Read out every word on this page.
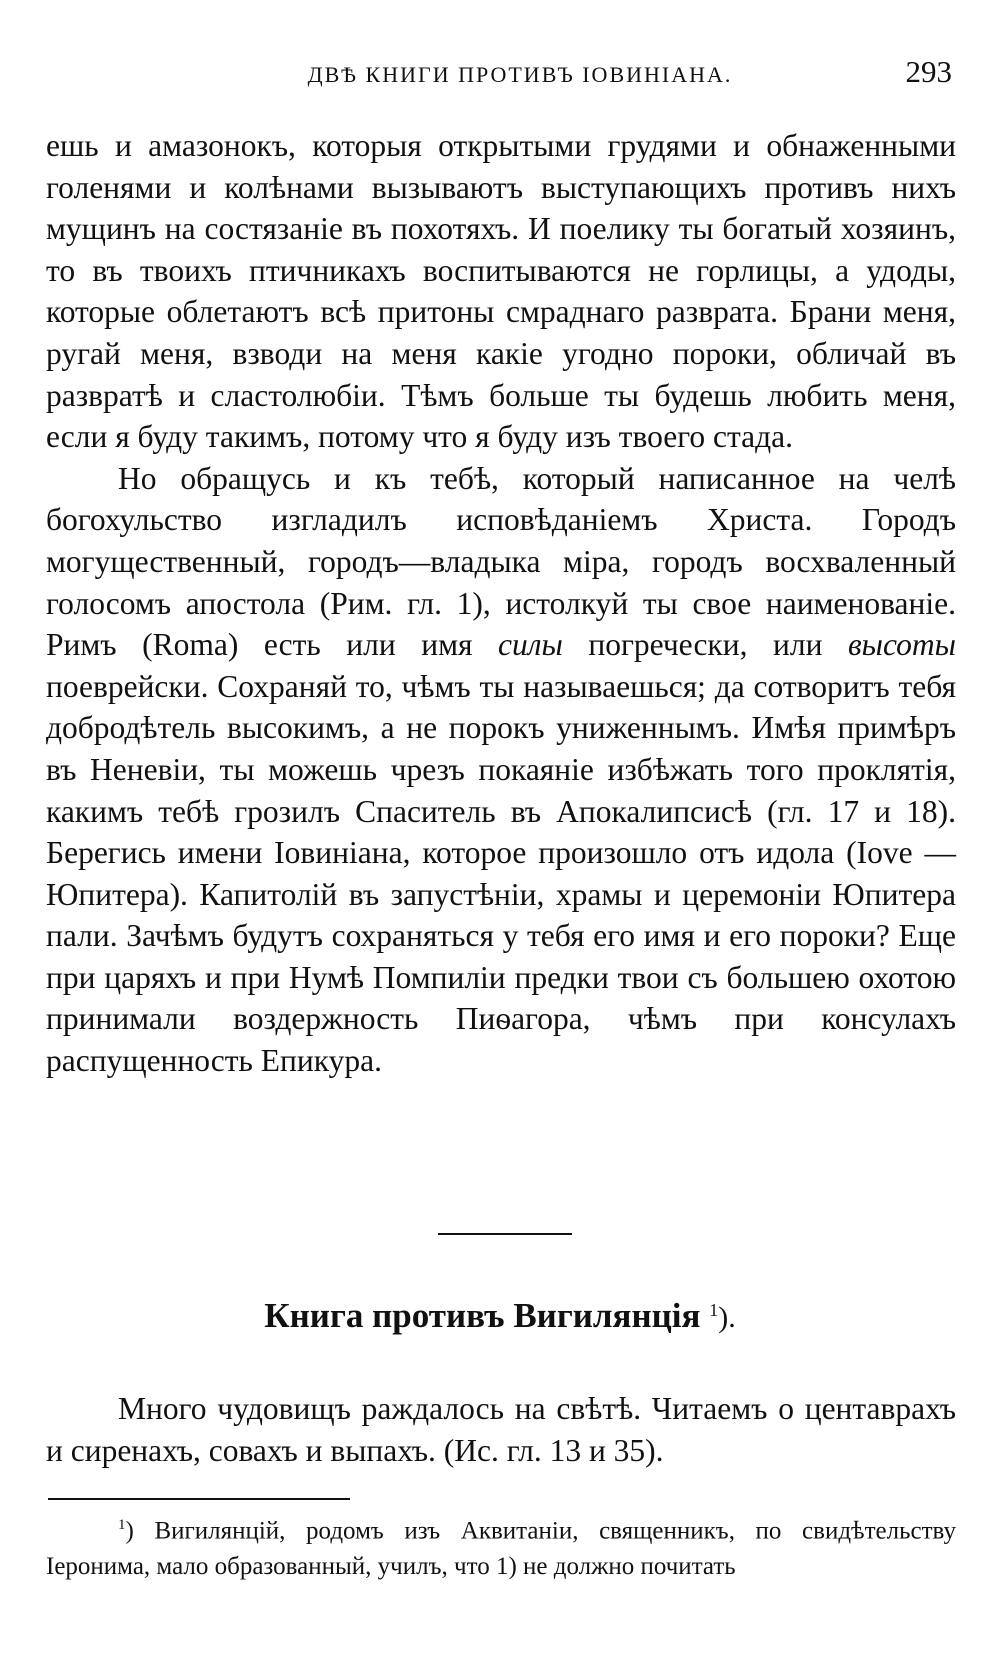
ДВѢ КНИГИ ПРОТИВЪ ІОВИНІАНА.	293

ешь и амазонокъ, которыя открытыми грудями и обнаженными голенями и колѣнами вызываютъ выступающихъ противъ нихъ мущинъ на состязаніе въ похотяхъ. И поелику ты богатый хозяинъ, то въ твоихъ птичникахъ воспитываются не горлицы, а удоды, которые облетаютъ всѣ притоны смраднаго разврата. Брани меня, ругай меня, взводи на меня какіе угодно пороки, обличай въ развратѣ и сластолюбіи. Тѣмъ больше ты будешь любить меня, если я буду такимъ, потому что я буду изъ твоего стада.

Но обращусь и къ тебѣ, который написанное на челѣ богохульство изгладилъ исповѣданіемъ Христа. Городъ могущественный, городъ—владыка міра, городъ восхваленный голосомъ апостола (Рим. гл. 1), истолкуй ты свое наименованіе. Римъ (Roma) есть или имя силы погречески, или высоты поеврейски. Сохраняй то, чѣмъ ты называешься; да сотворитъ тебя добродѣтель высокимъ, а не порокъ униженнымъ. Имѣя примѣръ въ Неневіи, ты можешь чрезъ покаяніе избѣжать того проклятія, какимъ тебѣ грозилъ Спаситель въ Апокалипсисѣ (гл. 17 и 18). Берегись имени Іовиніана, которое произошло отъ идола (Iove — Юпитера). Капитолій въ запустѣніи, храмы и церемоніи Юпитера пали. Зачѣмъ будутъ сохраняться у тебя его имя и его пороки? Еще при царяхъ и при Нумѣ Помпиліи предки твои съ большею охотою принимали воздержность Пиѳагора, чѣмъ при консулахъ распущенность Епикура.

Книга противъ Вигилянція $^1$).

Много чудовищъ раждалось на свѣтѣ. Читаемъ о центаврахъ и сиренахъ, совахъ и выпахъ. (Ис. гл. 13 и 35).

$^1$) Вигилянцій, родомъ изъ Аквитаніи, священникъ, по свидѣтельству Іеронима, мало образованный, училъ, что 1) не должно почитать
